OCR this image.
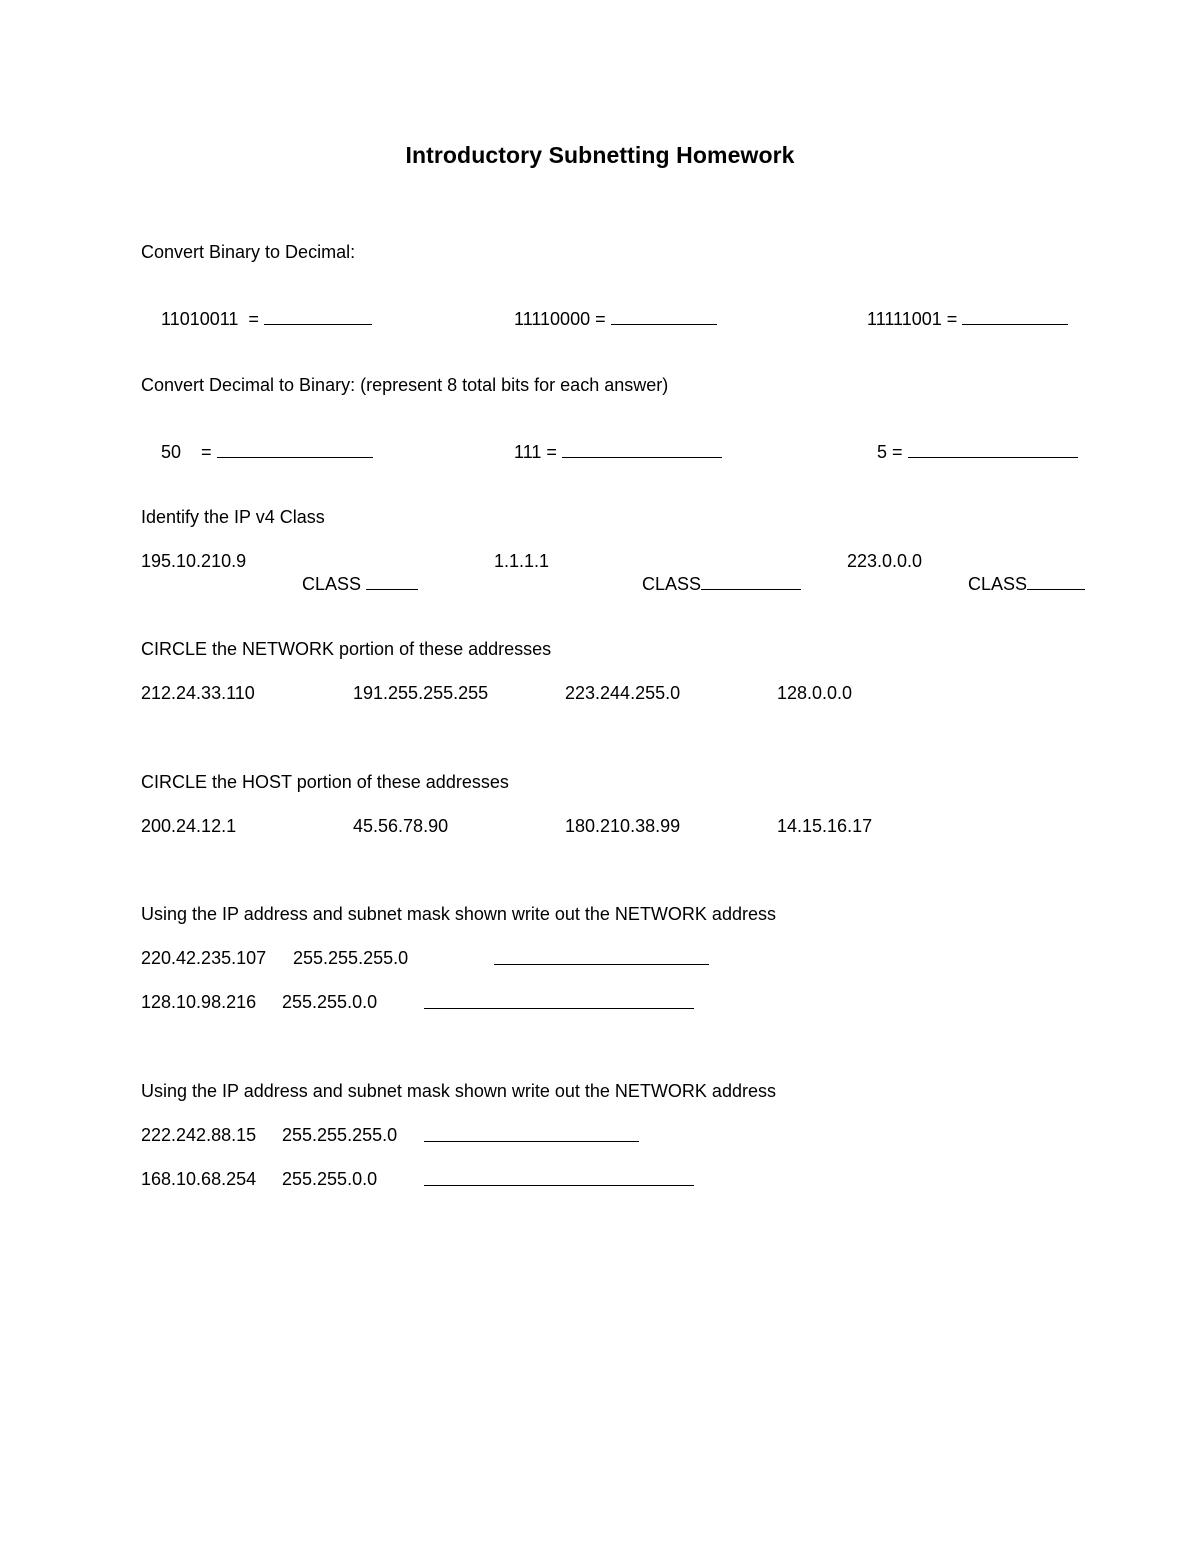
Introductory Subnetting Homework
Convert Binary to Decimal:

11010011  =
	11110000 =
	11111001 =

Convert Decimal to Binary: (represent 8 total bits for each answer)

50    =
	111 =
	5 =

Identify the IP v4 Class
195.10.210.9

CLASS

1.1.1.1

CLASS

223.0.0.0

CLASS

CIRCLE the NETWORK portion of these addresses
212.24.33.110	191.255.255.255	223.244.255.0	128.0.0.0
CIRCLE the HOST portion of these addresses
200.24.12.1	45.56.78.90	180.210.38.99	14.15.16.17
Using the IP address and subnet mask shown write out the NETWORK address
220.42.235.107 255.255.255.0
128.10.98.216 255.255.0.0
Using the IP address and subnet mask shown write out the NETWORK address
222.242.88.15 255.255.255.0
168.10.68.254 255.255.0.0
